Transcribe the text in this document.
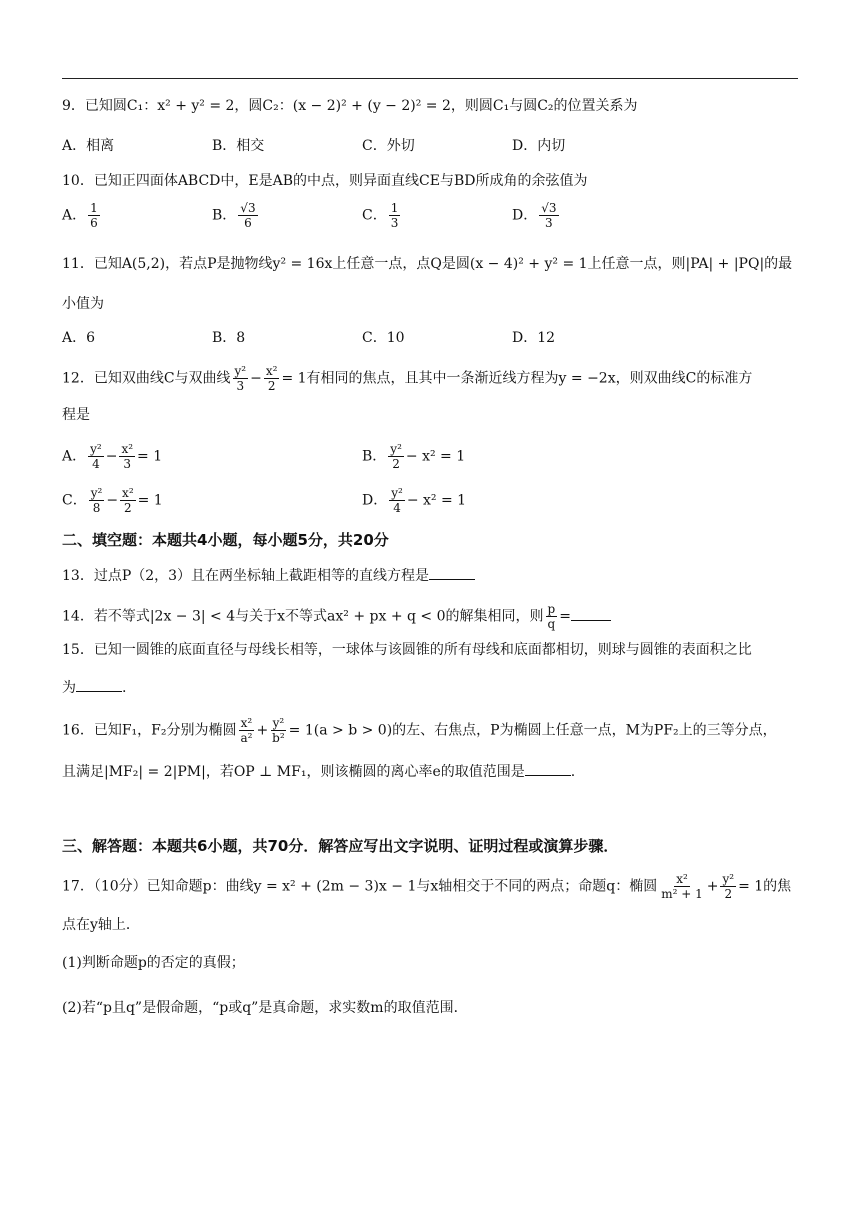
9．已知圆C₁：x² + y² = 2，圆C₂：(x − 2)² + (y − 2)² = 2，则圆C₁与圆C₂的位置关系为
A．相离	B．相交	C．外切	D．内切
10．已知正四面体ABCD中，E是AB的中点，则异面直线CE与BD所成角的余弦值为
A． $\frac{1}{6}$	B． $\frac{√3}{6}$	C． $\frac{1}{3}$	D． $\frac{√3}{3}$
11．已知A(5,2)，若点P是抛物线y² = 16x上任意一点，点Q是圆(x − 4)² + y² = 1上任意一点，则|PA| + |PQ|的最
小值为
A．6	B．8	C．10	D．12
12．已知双曲线C与双曲线 $\frac{\text{y²}}{3} - \frac{\text{x²}}{2} = 1$有相同的焦点，且其中一条渐近线方程为y = −2x，则双曲线C的标准方
程是
A． $\frac{\text{y²}}{4} - \frac{\text{x²}}{3} = 1$	B． $\frac{\text{y²}}{2} - x^2 = 1$
C． $\frac{\text{y²}}{8} - \frac{\text{x²}}{2} = 1$	D． $\frac{\text{y²}}{4} - x^2 = 1$
二、填空题：本题共4小题，每小题5分，共20分
13．过点P（2，3）且在两坐标轴上截距相等的直线方程是
14．若不等式|2x − 3| < 4与关于x不等式ax² + px + q < 0的解集相同，则 $\frac{p}{q}$ =
15．已知一圆锥的底面直径与母线长相等，一球体与该圆锥的所有母线和底面都相切，则球与圆锥的表面积之比
为	.
16．已知F₁，F₂分别为椭圆 $\frac{\text{x²}}{\text{a²}} + \frac{\text{y²}}{\text{b²}} = 1(a > b > 0)$的左、右焦点，P为椭圆上任意一点，M为PF₂上的三等分点，
且满足|MF₂| = 2|PM|，若OP ⊥ MF₁，则该椭圆的离心率e的取值范围是	.
三、解答题：本题共6小题，共70分．解答应写出文字说明、证明过程或演算步骤．
17．（10分）已知命题p：曲线y = x² + (2m − 3)x − 1与x轴相交于不同的两点；命题q：椭圆 $\frac{\text{x²}}{\text{m² + 1}} + \frac{\text{y²}}{2} = 1$的焦
点在y轴上．
(1)判断命题p的否定的真假；
(2)若“p且q”是假命题，“p或q”是真命题，求实数m的取值范围．
